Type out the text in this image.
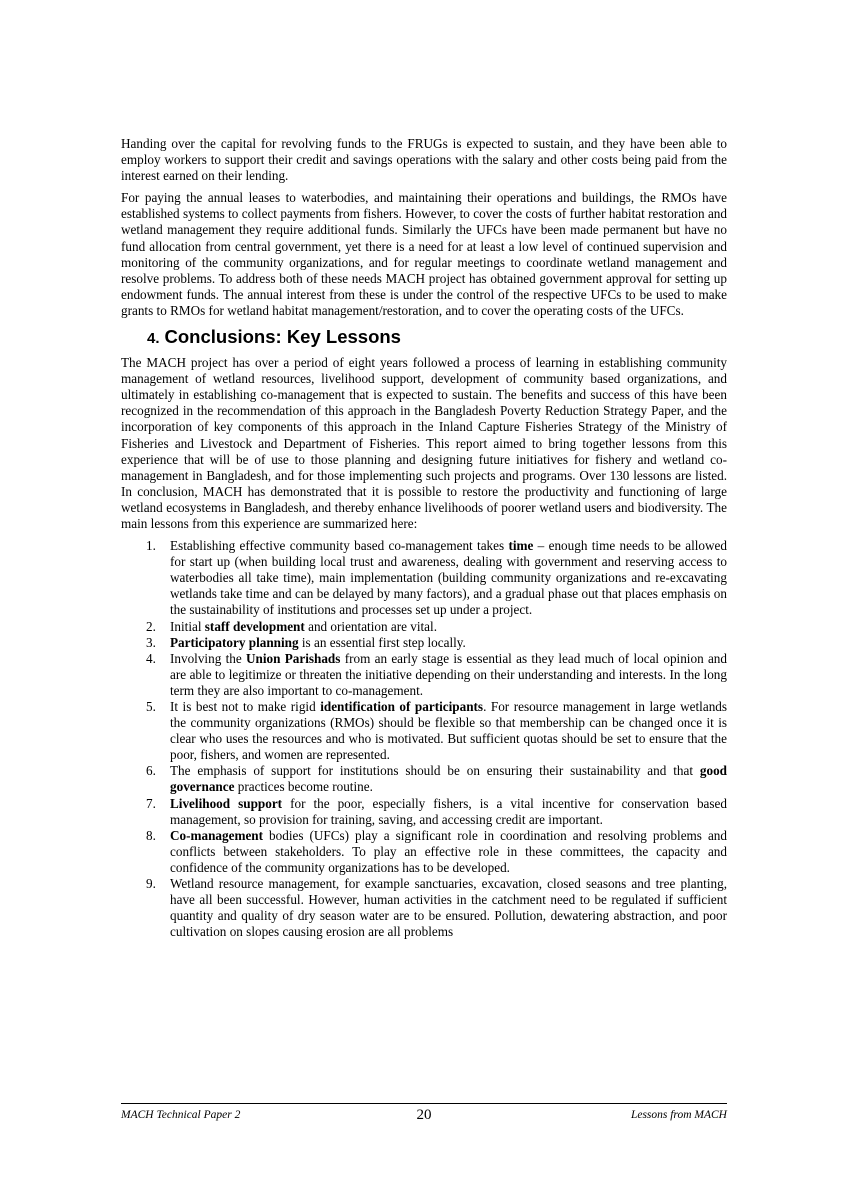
Handing over the capital for revolving funds to the FRUGs is expected to sustain, and they have been able to employ workers to support their credit and savings operations with the salary and other costs being paid from the interest earned on their lending.

For paying the annual leases to waterbodies, and maintaining their operations and buildings, the RMOs have established systems to collect payments from fishers. However, to cover the costs of further habitat restoration and wetland management they require additional funds. Similarly the UFCs have been made permanent but have no fund allocation from central government, yet there is a need for at least a low level of continued supervision and monitoring of the community organizations, and for regular meetings to coordinate wetland management and resolve problems. To address both of these needs MACH project has obtained government approval for setting up endowment funds. The annual interest from these is under the control of the respective UFCs to be used to make grants to RMOs for wetland habitat management/restoration, and to cover the operating costs of the UFCs.

4. Conclusions: Key Lessons

The MACH project has over a period of eight years followed a process of learning in establishing community management of wetland resources, livelihood support, development of community based organizations, and ultimately in establishing co-management that is expected to sustain. The benefits and success of this have been recognized in the recommendation of this approach in the Bangladesh Poverty Reduction Strategy Paper, and the incorporation of key components of this approach in the Inland Capture Fisheries Strategy of the Ministry of Fisheries and Livestock and Department of Fisheries. This report aimed to bring together lessons from this experience that will be of use to those planning and designing future initiatives for fishery and wetland co-management in Bangladesh, and for those implementing such projects and programs. Over 130 lessons are listed. In conclusion, MACH has demonstrated that it is possible to restore the productivity and functioning of large wetland ecosystems in Bangladesh, and thereby enhance livelihoods of poorer wetland users and biodiversity. The main lessons from this experience are summarized here:

1. Establishing effective community based co-management takes time – enough time needs to be allowed for start up (when building local trust and awareness, dealing with government and reserving access to waterbodies all take time), main implementation (building community organizations and re-excavating wetlands take time and can be delayed by many factors), and a gradual phase out that places emphasis on the sustainability of institutions and processes set up under a project.
2. Initial staff development and orientation are vital.
3. Participatory planning is an essential first step locally.
4. Involving the Union Parishads from an early stage is essential as they lead much of local opinion and are able to legitimize or threaten the initiative depending on their understanding and interests. In the long term they are also important to co-management.
5. It is best not to make rigid identification of participants. For resource management in large wetlands the community organizations (RMOs) should be flexible so that membership can be changed once it is clear who uses the resources and who is motivated. But sufficient quotas should be set to ensure that the poor, fishers, and women are represented.
6. The emphasis of support for institutions should be on ensuring their sustainability and that good governance practices become routine.
7. Livelihood support for the poor, especially fishers, is a vital incentive for conservation based management, so provision for training, saving, and accessing credit are important.
8. Co-management bodies (UFCs) play a significant role in coordination and resolving problems and conflicts between stakeholders. To play an effective role in these committees, the capacity and confidence of the community organizations has to be developed.
9. Wetland resource management, for example sanctuaries, excavation, closed seasons and tree planting, have all been successful. However, human activities in the catchment need to be regulated if sufficient quantity and quality of dry season water are to be ensured. Pollution, dewatering abstraction, and poor cultivation on slopes causing erosion are all problems
MACH Technical Paper 2	20	Lessons from MACH
